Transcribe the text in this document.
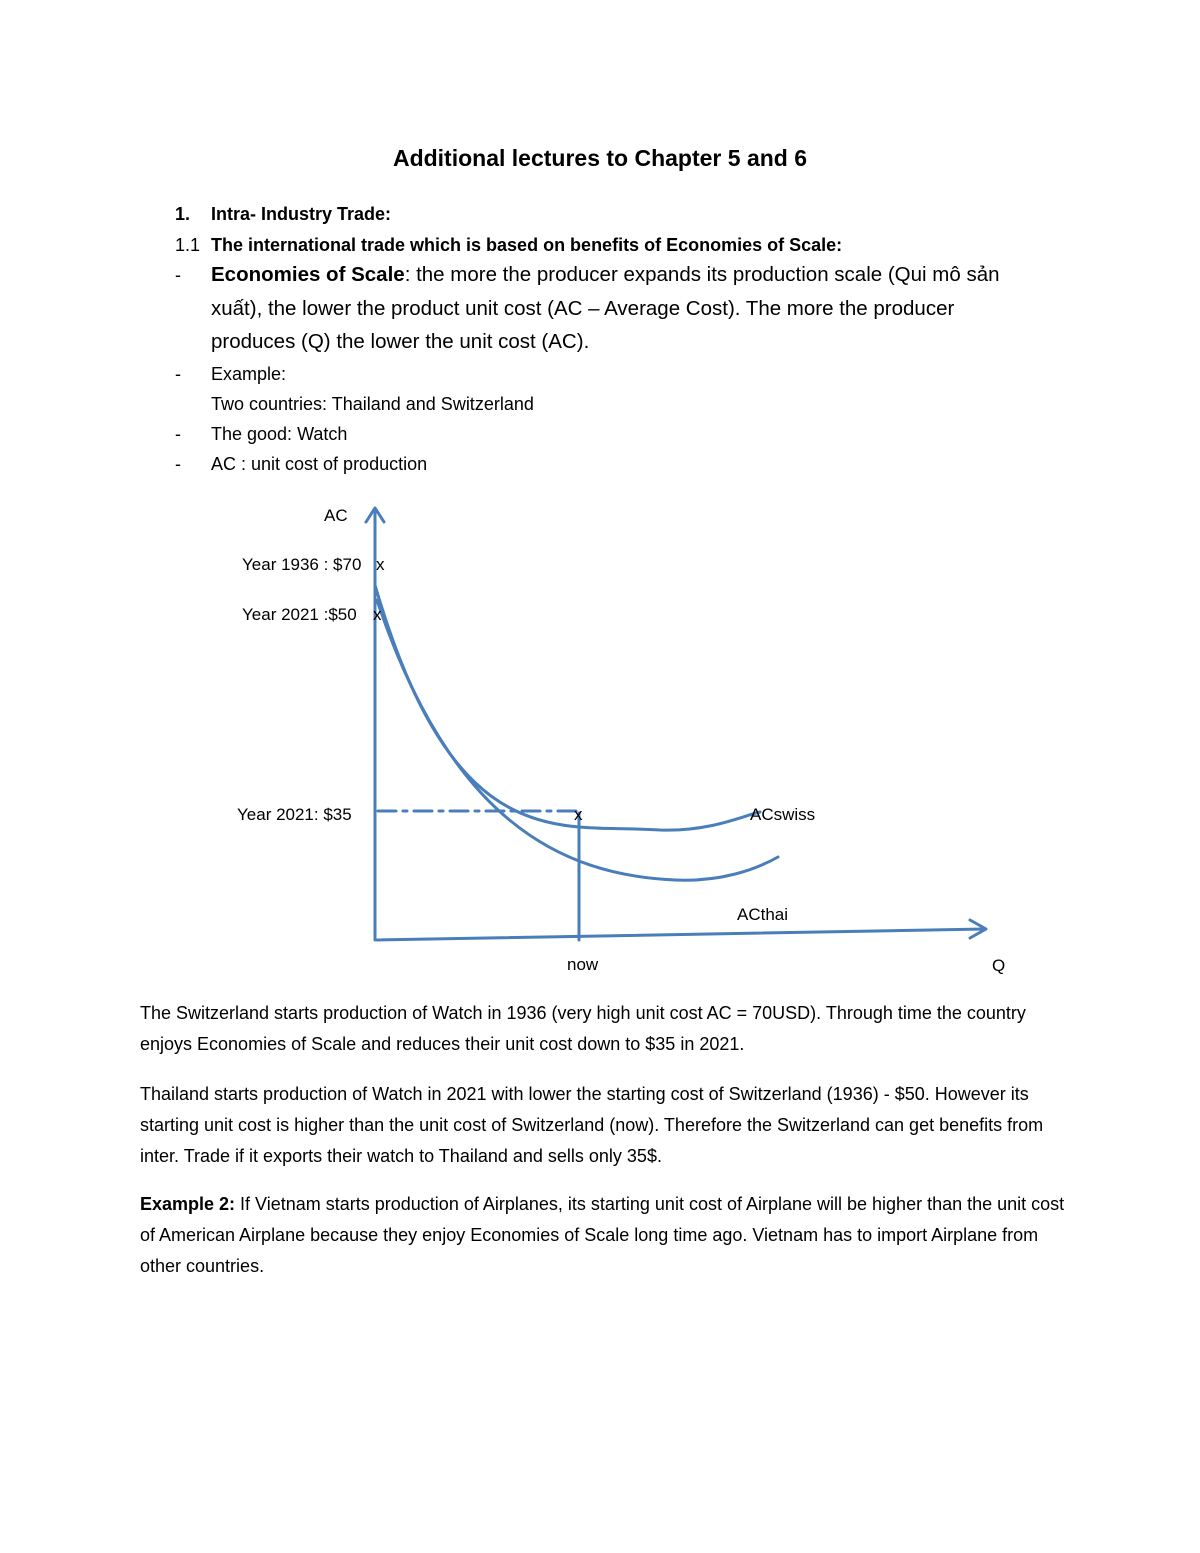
Additional lectures to Chapter 5 and 6
1. Intra- Industry Trade:
1.1 The international trade which is based on benefits of Economies of Scale:
- Economies of Scale: the more the producer expands its production scale (Qui mô sản
xuất), the lower the product unit cost (AC – Average Cost). The more the producer
produces (Q) the lower the unit cost (AC).
- Example:
Two countries: Thailand and Switzerland
- The good: Watch
- AC : unit cost of production
AC
Q
now
Year 1936 : $70 x
Year 2021 :$50 x
Year 2021: $35	x	ACswiss
ACthai

The Switzerland starts production of Watch in 1936 (very high unit cost AC = 70USD). Through time the country enjoys Economies of Scale and reduces their unit cost down to $35 in 2021.

Thailand starts production of Watch in 2021 with lower the starting cost of Switzerland (1936) - $50. However its starting unit cost is higher than the unit cost of Switzerland (now). Therefore the Switzerland can get benefits from inter. Trade if it exports their watch to Thailand and sells only 35$.

Example 2: If Vietnam starts production of Airplanes, its starting unit cost of Airplane will be higher than the unit cost of American Airplane because they enjoy Economies of Scale long time ago. Vietnam has to import Airplane from other countries.
